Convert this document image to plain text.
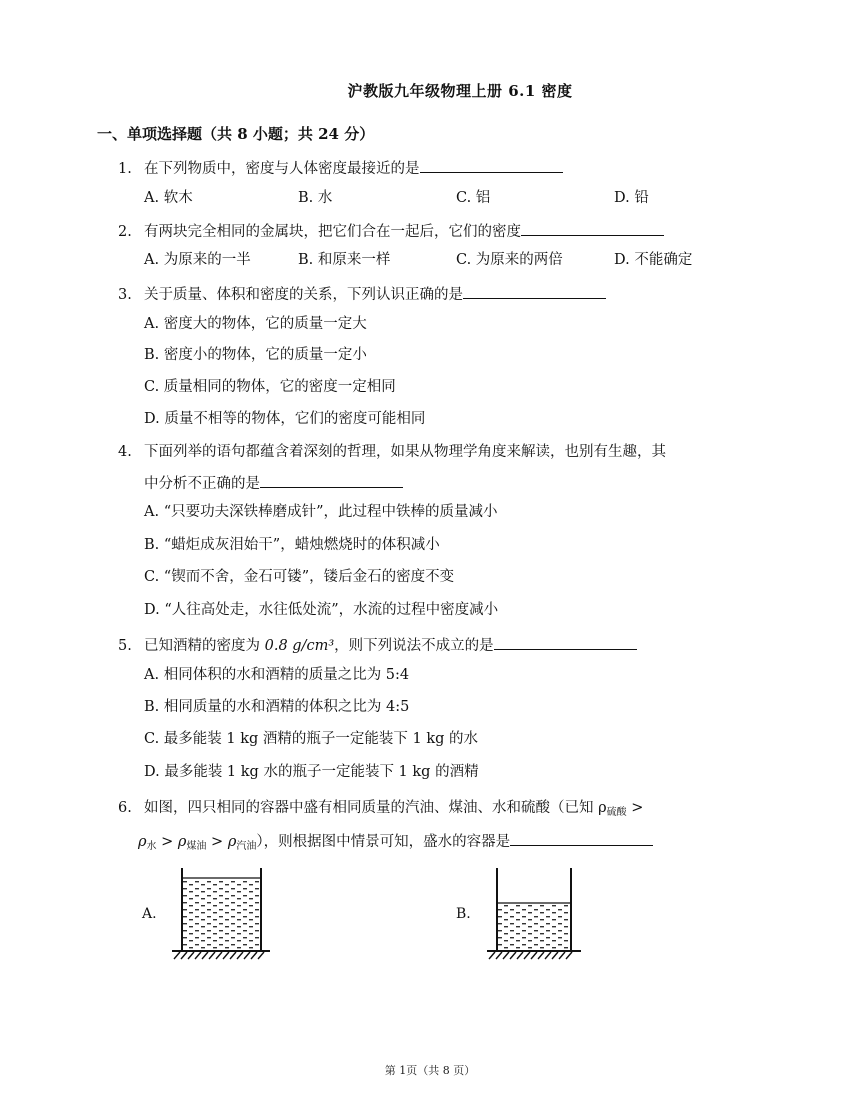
沪教版九年级物理上册 6.1 密度
一、单项选择题（共 8 小题；共 24 分）
1. 在下列物质中，密度与人体密度最接近的是
A. 软木	B. 水	C. 铝	D. 铅
2. 有两块完全相同的金属块，把它们合在一起后，它们的密度
A. 为原来的一半	B. 和原来一样	C. 为原来的两倍	D. 不能确定
3. 关于质量、体积和密度的关系，下列认识正确的是
A. 密度大的物体，它的质量一定大
B. 密度小的物体，它的质量一定小
C. 质量相同的物体，它的密度一定相同
D. 质量不相等的物体，它们的密度可能相同
4. 下面列举的语句都蕴含着深刻的哲理，如果从物理学角度来解读，也别有生趣，其
中分析不正确的是
A. “只要功夫深铁棒磨成针”，此过程中铁棒的质量减小
B. “蜡炬成灰泪始干”，蜡烛燃烧时的体积减小
C. “锲而不舍，金石可镂”，镂后金石的密度不变
D. “人往高处走，水往低处流”，水流的过程中密度减小
5. 已知酒精的密度为 0.8 g/cm³，则下列说法不成立的是
A. 相同体积的水和酒精的质量之比为 5:4
B. 相同质量的水和酒精的体积之比为 4:5
C. 最多能装 1 kg 酒精的瓶子一定能装下 1 kg 的水
D. 最多能装 1 kg 水的瓶子一定能装下 1 kg 的酒精
6. 如图，四只相同的容器中盛有相同质量的汽油、煤油、水和硫酸（已知 $\rho_{硫酸}$ >
$\rho_水 > \rho_{煤油} > \rho_{汽油}$），则根据图中情景可知，盛水的容器是
A.	B.
第 1页（共 8 页）
